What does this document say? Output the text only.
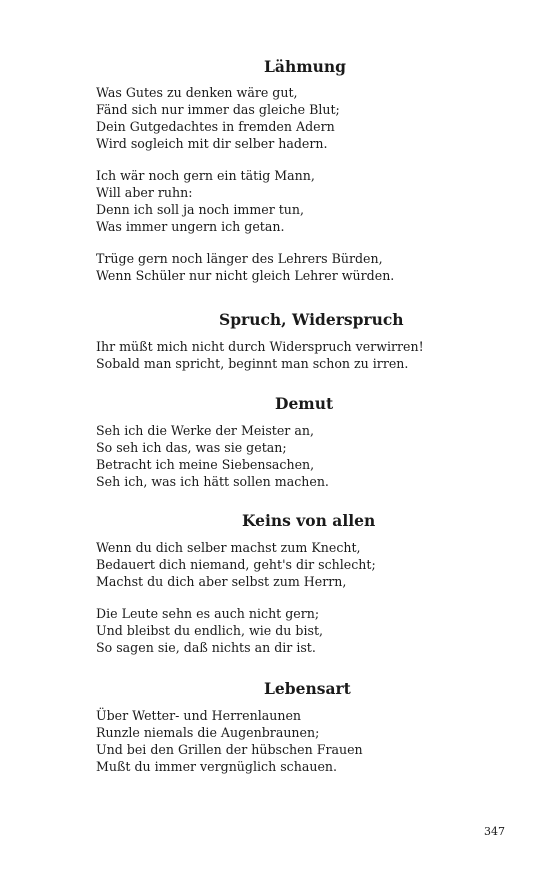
Lähmung
Was Gutes zu denken wäre gut,
Fänd sich nur immer das gleiche Blut;
Dein Gutgedachtes in fremden Adern
Wird sogleich mit dir selber hadern.
Ich wär noch gern ein tätig Mann,
Will aber ruhn:
Denn ich soll ja noch immer tun,
Was immer ungern ich getan.
Trüge gern noch länger des Lehrers Bürden,
Wenn Schüler nur nicht gleich Lehrer würden.
Spruch, Widerspruch
Ihr müßt mich nicht durch Widerspruch verwirren!
Sobald man spricht, beginnt man schon zu irren.
Demut
Seh ich die Werke der Meister an,
So seh ich das, was sie getan;
Betracht ich meine Siebensachen,
Seh ich, was ich hätt sollen machen.
Keins von allen
Wenn du dich selber machst zum Knecht,
Bedauert dich niemand, geht's dir schlecht;
Machst du dich aber selbst zum Herrn,
Die Leute sehn es auch nicht gern;
Und bleibst du endlich, wie du bist,
So sagen sie, daß nichts an dir ist.
Lebensart
Über Wetter- und Herrenlaunen
Runzle niemals die Augenbraunen;
Und bei den Grillen der hübschen Frauen
Mußt du immer vergnüglich schauen.
347
